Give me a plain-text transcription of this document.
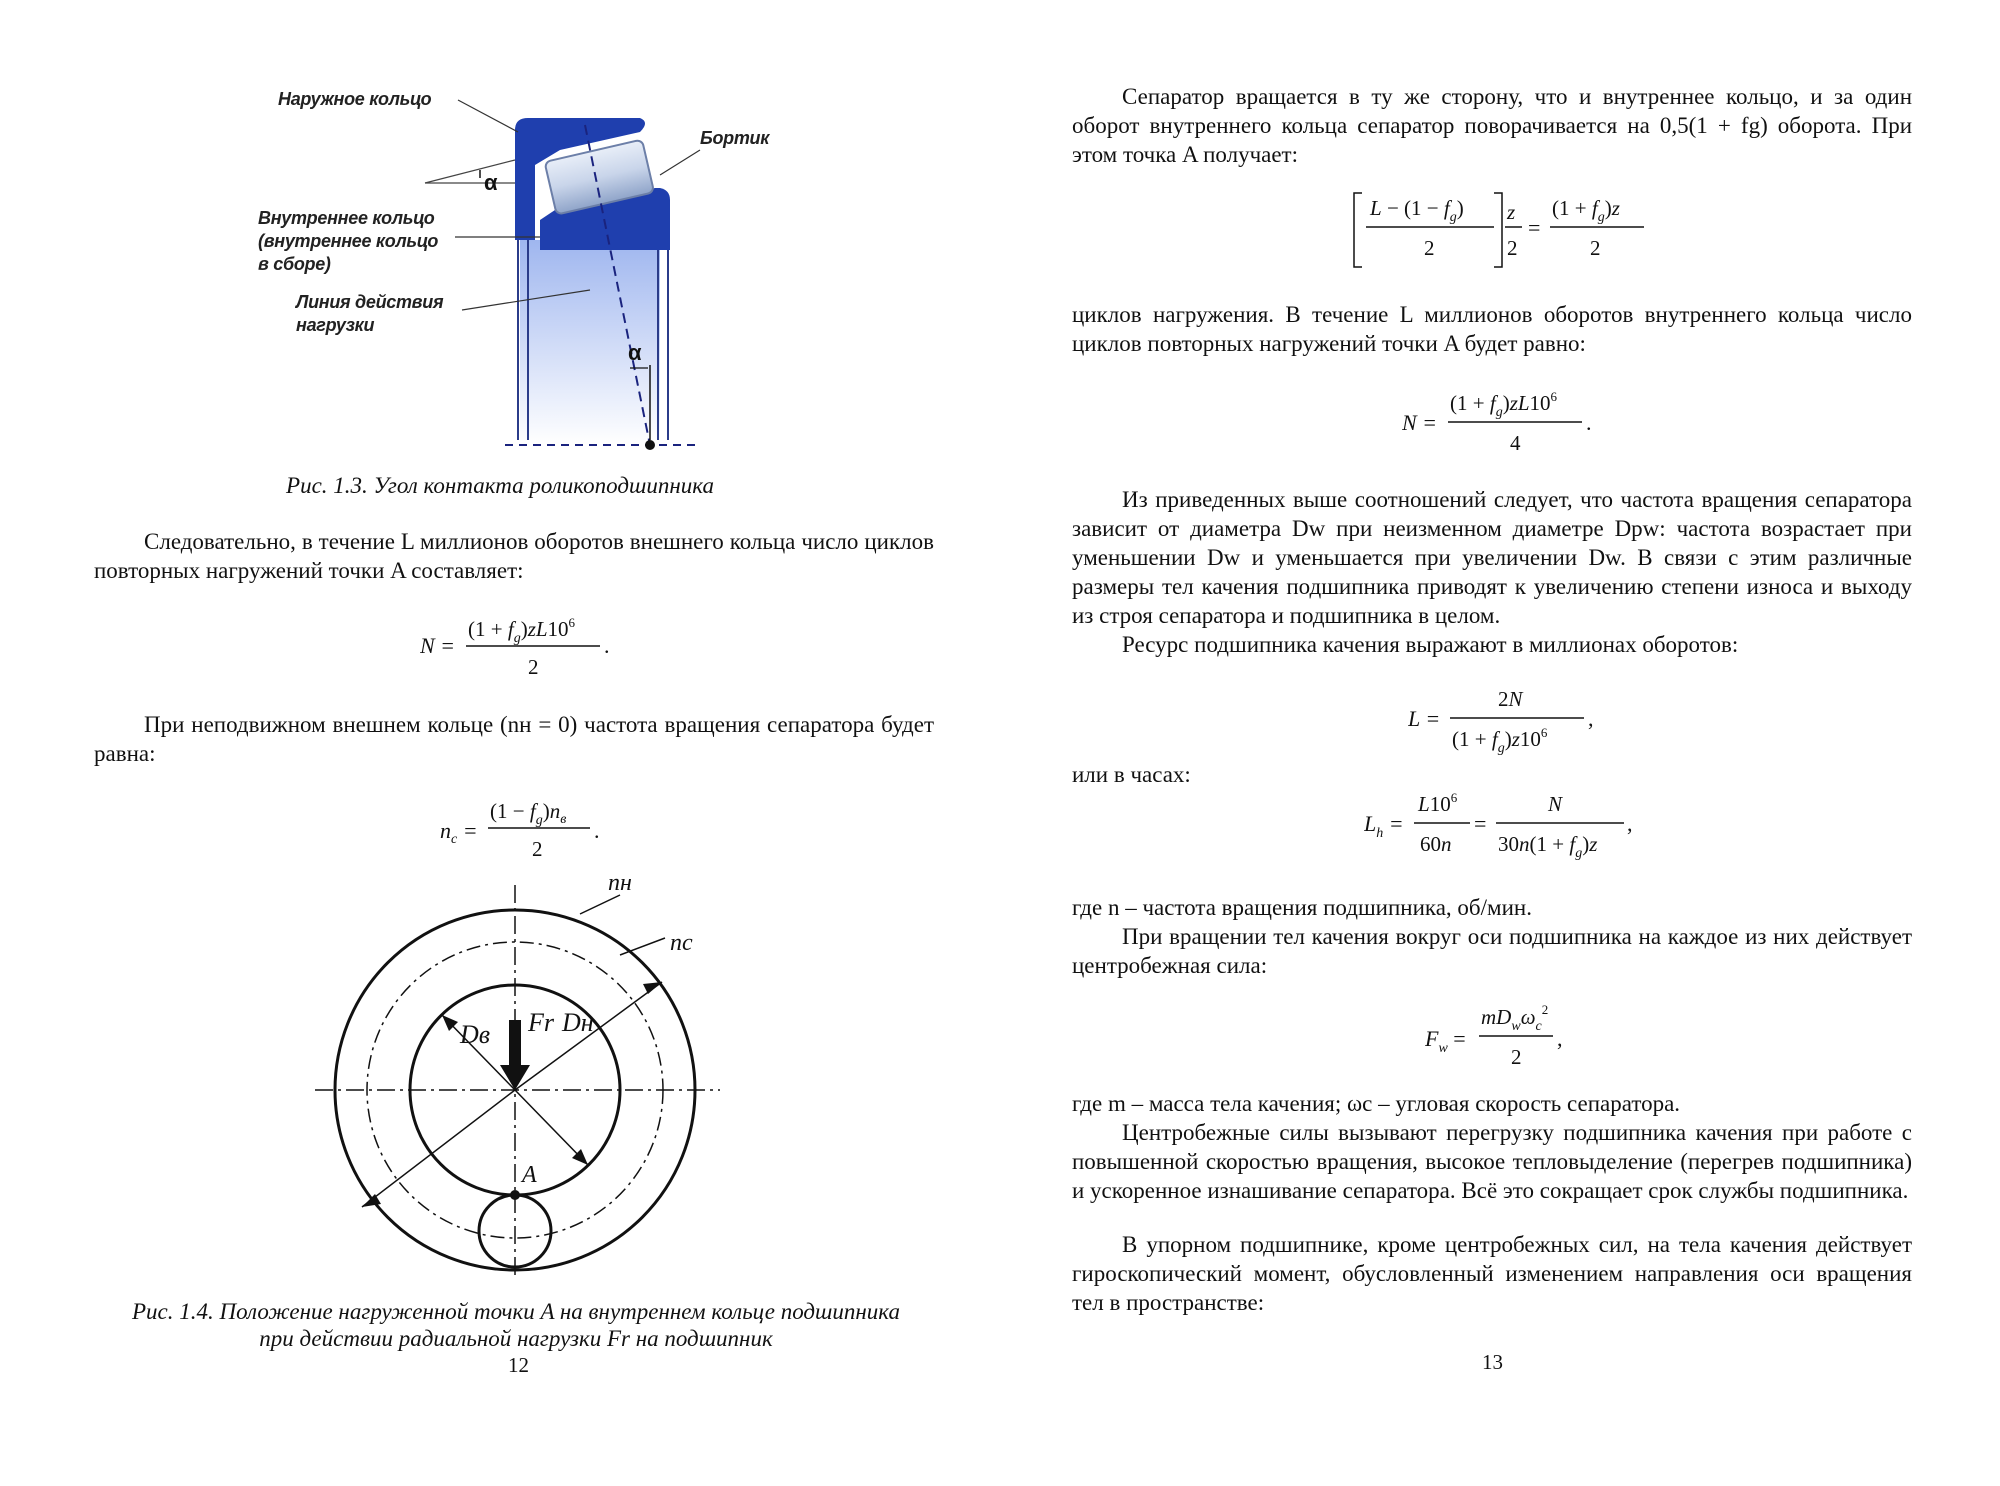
Наружное кольцо
Бортик
Внутреннее кольцо
(внутреннее кольцо
в сборе)
Линия действия
нагрузки
α
α
Рис. 1.3. Угол контакта роликоподшипника

Следовательно, в течение L миллионов оборотов внешнего кольца число циклов повторных нагружений точки A составляет:

N =
$(1 + f_g)zL10^6$
2
.

При неподвижном внешнем кольце (nн = 0) частота вращения сепаратора будет равна:

$n_c$ =
$(1 - f_g)n_в$
2
.
nн
nc
Dв Fr Dн
A
Рис. 1.4. Положение нагруженной точки A на внутреннем кольце подшипника
при действии радиальной нагрузки Fr на подшипник
12

Сепаратор вращается в ту же сторону, что и внутреннее кольцо, и за один оборот внутреннего кольца сепаратор поворачивается на 0,5(1 + fg) оборота. При этом точка A получает:

$L - (1 - f_g)$
2
z
2
=
$(1 + f_g)z$
2

циклов нагружения. В течение L миллионов оборотов внутреннего кольца число циклов повторных нагружений точки A будет равно:

N =
$(1 + f_g)zL10^6$
4
.

Из приведенных выше соотношений следует, что частота вращения сепаратора зависит от диаметра Dw при неизменном диаметре Dpw: частота возрастает при уменьшении Dw и уменьшается при увеличении Dw. В связи с этим различные размеры тел качения подшипника приводят к увеличению степени износа и выходу из строя сепаратора и подшипника в целом.

Ресурс подшипника качения выражают в миллионах оборотов:

L =
2N
$(1 + f_g)z10^6$
,

или в часах:

$L_h$ =
$L10^6$
60n
=
N
$30n(1 + f_g)z$
,

где n – частота вращения подшипника, об/мин.

При вращении тел качения вокруг оси подшипника на каждое из них действует центробежная сила:

$F_w$ =
$mD_w\omega_c^2$
2
,

где m – масса тела качения; ωc – угловая скорость сепаратора.

Центробежные силы вызывают перегрузку подшипника качения при работе с повышенной скоростью вращения, высокое тепловыделение (перегрев подшипника) и ускоренное изнашивание сепаратора. Всё это сокращает срок службы подшипника.

В упорном подшипнике, кроме центробежных сил, на тела качения действует гироскопический момент, обусловленный изменением направления оси вращения тел в пространстве:

13
